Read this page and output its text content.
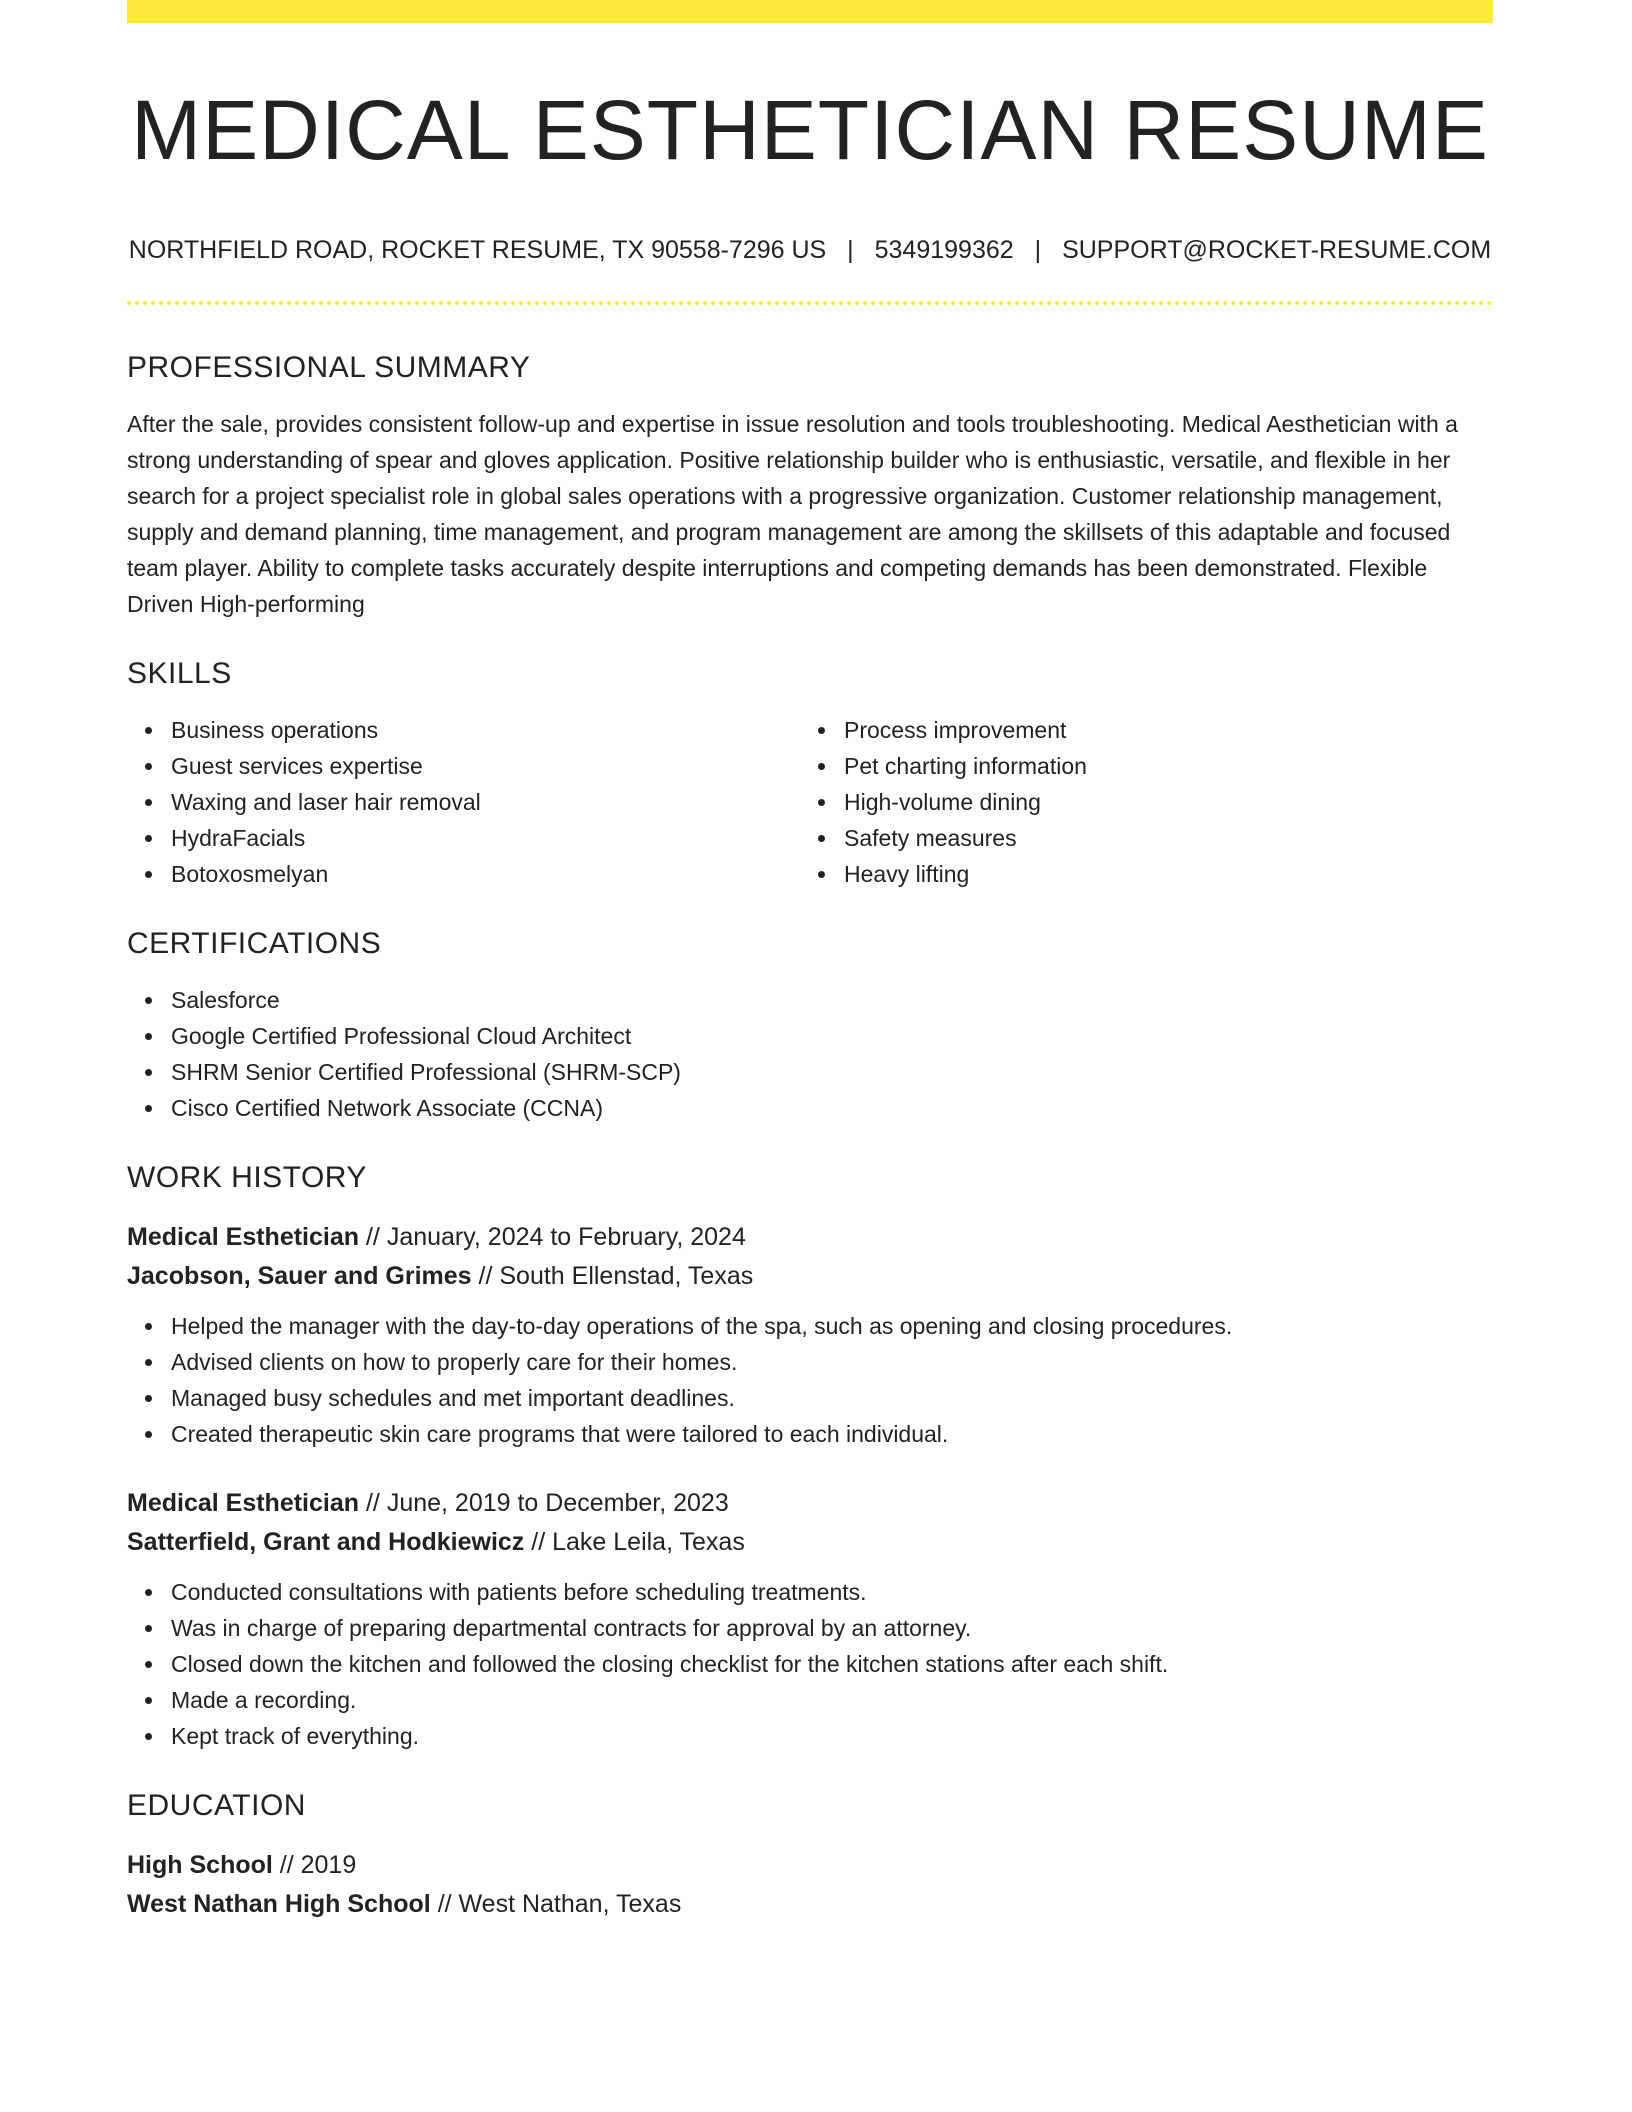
MEDICAL ESTHETICIAN RESUME
NORTHFIELD ROAD, ROCKET RESUME, TX 90558-7296 US | 5349199362 | SUPPORT@ROCKET-RESUME.COM
PROFESSIONAL SUMMARY

After the sale, provides consistent follow-up and expertise in issue resolution and tools troubleshooting. Medical Aesthetician with a strong understanding of spear and gloves application. Positive relationship builder who is enthusiastic, versatile, and flexible in her search for a project specialist role in global sales operations with a progressive organization. Customer relationship management, supply and demand planning, time management, and program management are among the skillsets of this adaptable and focused team player. Ability to complete tasks accurately despite interruptions and competing demands has been demonstrated. Flexible Driven High-performing

SKILLS
Business operations
Guest services expertise
Waxing and laser hair removal
HydraFacials
Botoxosmelyan
Process improvement
Pet charting information
High-volume dining
Safety measures
Heavy lifting
CERTIFICATIONS
Salesforce
Google Certified Professional Cloud Architect
SHRM Senior Certified Professional (SHRM-SCP)
Cisco Certified Network Associate (CCNA)
WORK HISTORY
Medical Esthetician // January, 2024 to February, 2024
Jacobson, Sauer and Grimes // South Ellenstad, Texas
Helped the manager with the day-to-day operations of the spa, such as opening and closing procedures.
Advised clients on how to properly care for their homes.
Managed busy schedules and met important deadlines.
Created therapeutic skin care programs that were tailored to each individual.
Medical Esthetician // June, 2019 to December, 2023
Satterfield, Grant and Hodkiewicz // Lake Leila, Texas
Conducted consultations with patients before scheduling treatments.
Was in charge of preparing departmental contracts for approval by an attorney.
Closed down the kitchen and followed the closing checklist for the kitchen stations after each shift.
Made a recording.
Kept track of everything.
EDUCATION
High School // 2019
West Nathan High School // West Nathan, Texas
